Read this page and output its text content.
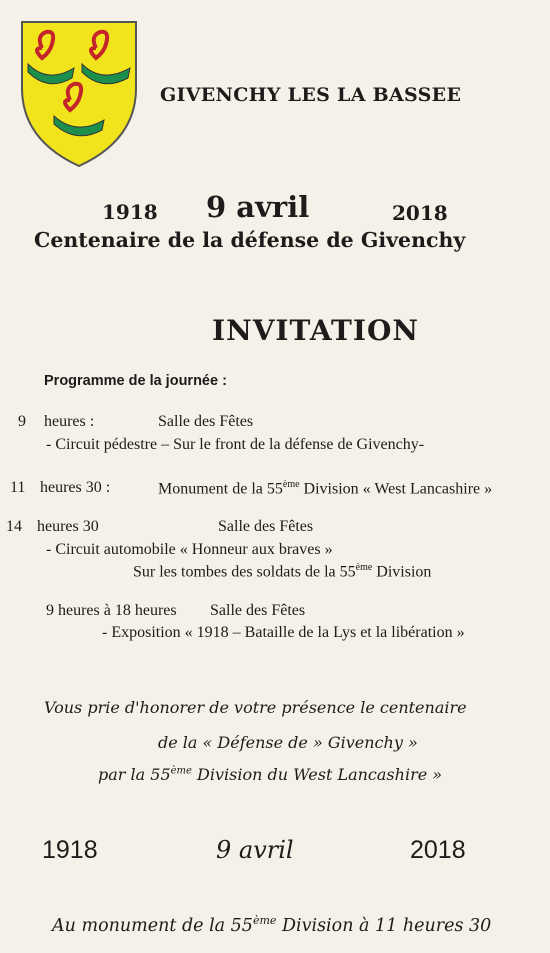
GIVENCHY LES LA BASSEE
1918 9 avril	2018
Centenaire de la défense de Givenchy
INVITATION
Programme de la journée :
9 heures :	Salle des Fêtes
- Circuit pédestre – Sur le front de la défense de Givenchy-
11 heures 30 :	Monument de la 55ème Division « West Lancashire »
14 heures 30	Salle des Fêtes
- Circuit automobile « Honneur aux braves »
Sur les tombes des soldats de la 55ème Division
9 heures à 18 heures Salle des Fêtes
- Exposition « 1918 – Bataille de la Lys et la libération »
Vous prie d'honorer de votre présence le centenaire
de la « Défense de » Givenchy »
par la 55ème Division du West Lancashire »
1918	9 avril	2018
Au monument de la 55ème Division à 11 heures 30
